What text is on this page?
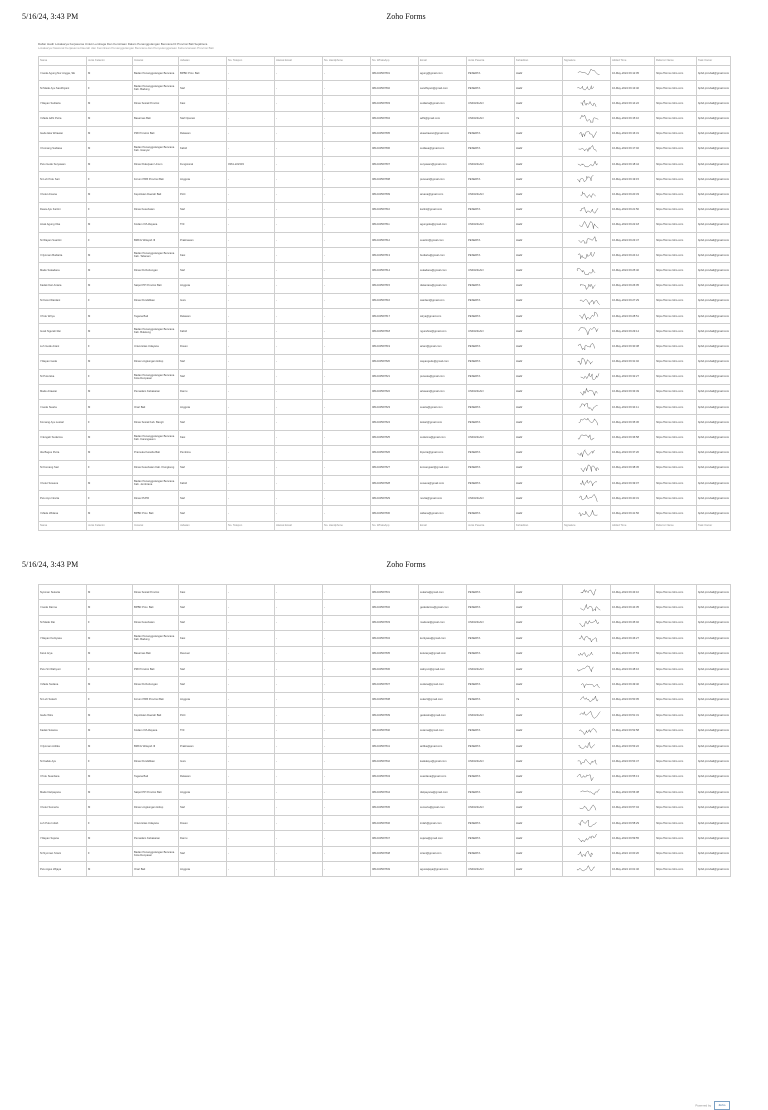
5/16/24, 3:43 PM	Zoho Forms
Daftar Hadir Lokakarya Kerjasama Untuk Lembaga Dan Kemitraan Dalam Penanggulangan Bencana Di Provinsi Bali Sejahtera
Lokakarya Nasional Kerjasama Daerah dan Kemitraan Penanggulangan Bencana dan Penyelenggaraan Kebencanaan Provinsi Bali
Nama	Jenis Kelamin	Instansi	Jabatan	No. Telepon	Alamat Email	No. Handphone	No. WhatsApp	Email	Jenis Peserta	Kehadiran	Signature	Added Time	Referrer Name	Task Owner
I Gede Agung Nur Angga, SE	M	Badan Penanggulangan Bencana	BPBD Prov. Bali	-	-	-	081234567801	agung@gmail.com	PESERTA	Hadir		16-May-2024 09:12:05	https://forms.zoho.com	bpbd.provbali@gmail.com
Ni Made Ayu Sandhiyani	F	Badan Penanggulangan Bencana Kab. Badung	Staf	-	-	-	081234567802	sandhiyani@gmail.com	PESERTA	Hadir		16-May-2024 09:13:40	https://forms.zoho.com	bpbd.provbali@gmail.com
I Wayan Sudiarta	M	Dinas Sosial Provinsi	Kasi	-	-	-	081234567803	sudiarta@gmail.com	UNDANGAN	Hadir		16-May-2024 09:14:22	https://forms.zoho.com	bpbd.provbali@gmail.com
I Made Adhi Putra	M	Basarnas Bali	Staf Operasi	-	-	-	081234567804	adhi@gmail.com	UNDANGAN	Ya		16-May-2024 09:15:10	https://forms.zoho.com	bpbd.provbali@gmail.com
Gede Eka Wirawan	M	PMI Provinsi Bali	Relawan	-	-	-	081234567805	ekawirawan@gmail.com	PESERTA	Hadir		16-May-2024 09:16:31	https://forms.zoho.com	bpbd.provbali@gmail.com
I Komang Sudiasa	M	Badan Penanggulangan Bencana Kab. Gianyar	Kabid	-	-	-	081234567806	sudiasa@gmail.com	PESERTA	Hadir		16-May-2024 09:17:02	https://forms.zoho.com	bpbd.provbali@gmail.com
Putu Gede Suryawan	M	Dinas Pekerjaan Umum	Fungsional	0361-222333	-	-	081234567807	suryawan@gmail.com	UNDANGAN	Hadir		16-May-2024 09:18:44	https://forms.zoho.com	bpbd.provbali@gmail.com
Ni Luh Putu Sari	F	Forum PRB Provinsi Bali	Anggota	-	-	-	081234567808	putusari@gmail.com	PESERTA	Hadir		16-May-2024 09:19:15	https://forms.zoho.com	bpbd.provbali@gmail.com
I Ketut Arsana	M	Kepolisian Daerah Bali	Polri	-	-	-	081234567809	arsana@gmail.com	UNDANGAN	Hadir		16-May-2024 09:20:33	https://forms.zoho.com	bpbd.provbali@gmail.com
Dewa Ayu Kartini	F	Dinas Kesehatan	Staf	-	-	-	081234567810	kartini@gmail.com	PESERTA	Hadir		16-May-2024 09:21:50	https://forms.zoho.com	bpbd.provbali@gmail.com
Anak Agung Oka	M	Kodam IX/Udayana	TNI	-	-	-	081234567811	agungoka@gmail.com	UNDANGAN	Hadir		16-May-2024 09:22:18	https://forms.zoho.com	bpbd.provbali@gmail.com
Ni Wayan Suartini	F	BMKG Wilayah III	Prakirawan	-	-	-	081234567812	suartini@gmail.com	PESERTA	Hadir		16-May-2024 09:23:47	https://forms.zoho.com	bpbd.provbali@gmail.com
I Nyoman Budiarta	M	Badan Penanggulangan Bencana Kab. Tabanan	Kasi	-	-	-	081234567813	budiarta@gmail.com	PESERTA	Hadir		16-May-2024 09:24:12	https://forms.zoho.com	bpbd.provbali@gmail.com
Made Sukadana	M	Dinas Perhubungan	Staf	-	-	-	081234567814	sukadana@gmail.com	UNDANGAN	Hadir		16-May-2024 09:25:40	https://forms.zoho.com	bpbd.provbali@gmail.com
Kadek Dwi Antara	M	Satpol PP Provinsi Bali	Anggota	-	-	-	081234567815	dwiantara@gmail.com	PESERTA	Hadir		16-May-2024 09:26:05	https://forms.zoho.com	bpbd.provbali@gmail.com
Ni Ketut Wardani	F	Dinas Pendidikan	Guru	-	-	-	081234567816	wardani@gmail.com	PESERTA	Hadir		16-May-2024 09:27:29	https://forms.zoho.com	bpbd.provbali@gmail.com
I Putu Wirya	M	Tagana Bali	Relawan	-	-	-	081234567817	wirya@gmail.com	PESERTA	Hadir		16-May-2024 09:28:51	https://forms.zoho.com	bpbd.provbali@gmail.com
Gusti Ngurah Rai	M	Badan Penanggulangan Bencana Kab. Buleleng	Kabid	-	-	-	081234567818	ngurahrai@gmail.com	UNDANGAN	Hadir		16-May-2024 09:29:14	https://forms.zoho.com	bpbd.provbali@gmail.com
Luh Gede Ariani	F	Universitas Udayana	Dosen	-	-	-	081234567819	ariani@gmail.com	PESERTA	Hadir		16-May-2024 09:30:38	https://forms.zoho.com	bpbd.provbali@gmail.com
I Wayan Gede	M	Dinas Lingkungan Hidup	Staf	-	-	-	081234567820	wayangede@gmail.com	PESERTA	Hadir		16-May-2024 09:31:02	https://forms.zoho.com	bpbd.provbali@gmail.com
Ni Putu Eka	F	Badan Penanggulangan Bencana Kota Denpasar	Staf	-	-	-	081234567821	putueka@gmail.com	PESERTA	Hadir		16-May-2024 09:32:27	https://forms.zoho.com	bpbd.provbali@gmail.com
Made Artawan	M	Pemadam Kebakaran	Danru	-	-	-	081234567822	artawan@gmail.com	UNDANGAN	Hadir		16-May-2024 09:33:49	https://forms.zoho.com	bpbd.provbali@gmail.com
I Gede Suarta	M	Orari Bali	Anggota	-	-	-	081234567823	suarta@gmail.com	PESERTA	Hadir		16-May-2024 09:34:11	https://forms.zoho.com	bpbd.provbali@gmail.com
Komang Ayu Lestari	F	Dinas Sosial Kab. Bangli	Staf	-	-	-	081234567824	lestari@gmail.com	PESERTA	Hadir		16-May-2024 09:35:36	https://forms.zoho.com	bpbd.provbali@gmail.com
I Nengah Sudarma	M	Badan Penanggulangan Bencana Kab. Karangasem	Kasi	-	-	-	081234567825	sudarma@gmail.com	UNDANGAN	Hadir		16-May-2024 09:36:58	https://forms.zoho.com	bpbd.provbali@gmail.com
Ida Bagus Putra	M	Pramuka Kwarda Bali	Pembina	-	-	-	081234567826	ibputra@gmail.com	PESERTA	Hadir		16-May-2024 09:37:20	https://forms.zoho.com	bpbd.provbali@gmail.com
Ni Komang Sari	F	Dinas Kesehatan Kab. Klungkung	Staf	-	-	-	081234567827	komangsari@gmail.com	PESERTA	Hadir		16-May-2024 09:38:45	https://forms.zoho.com	bpbd.provbali@gmail.com
I Ketut Suweca	M	Badan Penanggulangan Bencana Kab. Jembrana	Kabid	-	-	-	081234567828	suweca@gmail.com	PESERTA	Hadir		16-May-2024 09:39:07	https://forms.zoho.com	bpbd.provbali@gmail.com
Putu Ayu Novita	F	Dinas PUPR	Staf	-	-	-	081234567829	novita@gmail.com	UNDANGAN	Hadir		16-May-2024 09:40:31	https://forms.zoho.com	bpbd.provbali@gmail.com
I Made Widana	M	BPBD Prov. Bali	Staf	-	-	-	081234567830	widana@gmail.com	PESERTA	Hadir		16-May-2024 09:41:56	https://forms.zoho.com	bpbd.provbali@gmail.com
Nama	Jenis Kelamin	Instansi	Jabatan	No. Telepon	Alamat Email	No. Handphone	No. WhatsApp	Email	Jenis Peserta	Kehadiran	Signature	Added Time	Referrer Name	Task Owner
5/16/24, 3:43 PM	Zoho Forms
Nyoman Sukarta	M	Dinas Sosial Provinsi	Kasi	-	-	-	081234567831	sukarta@gmail.com	PESERTA	Hadir		16-May-2024 09:43:10	https://forms.zoho.com	bpbd.provbali@gmail.com
I Gede Darma	M	BPBD Prov. Bali	Staf	-	-	-	081234567832	gededarma@gmail.com	PESERTA	Hadir		16-May-2024 09:44:35	https://forms.zoho.com	bpbd.provbali@gmail.com
Ni Made Rai	F	Dinas Kesehatan	Staf	-	-	-	081234567833	maderai@gmail.com	UNDANGAN	Hadir		16-May-2024 09:45:02	https://forms.zoho.com	bpbd.provbali@gmail.com
I Wayan Kertiyasa	M	Badan Penanggulangan Bencana Kab. Badung	Kasi	-	-	-	081234567834	kertiyasa@gmail.com	PESERTA	Hadir		16-May-2024 09:46:27	https://forms.zoho.com	bpbd.provbali@gmail.com
Ketut Arya	M	Basarnas Bali	Rescuer	-	-	-	081234567835	ketutarya@gmail.com	PESERTA	Hadir		16-May-2024 09:47:53	https://forms.zoho.com	bpbd.provbali@gmail.com
Putu Sri Wahyuni	F	PMI Provinsi Bali	Staf	-	-	-	081234567836	wahyuni@gmail.com	UNDANGAN	Hadir		16-May-2024 09:48:16	https://forms.zoho.com	bpbd.provbali@gmail.com
I Made Sudana	M	Dinas Perhubungan	Staf	-	-	-	081234567837	sudana@gmail.com	PESERTA	Hadir		16-May-2024 09:49:40	https://forms.zoho.com	bpbd.provbali@gmail.com
Ni Luh Sukerti	F	Forum PRB Provinsi Bali	Anggota	-	-	-	081234567838	sukerti@gmail.com	PESERTA	Ya		16-May-2024 09:50:05	https://forms.zoho.com	bpbd.provbali@gmail.com
Gede Wira	M	Kepolisian Daerah Bali	Polri	-	-	-	081234567839	gedewira@gmail.com	UNDANGAN	Hadir		16-May-2024 09:51:31	https://forms.zoho.com	bpbd.provbali@gmail.com
Kadek Sutama	M	Kodam IX/Udayana	TNI	-	-	-	081234567840	sutama@gmail.com	PESERTA	Hadir		16-May-2024 09:52:58	https://forms.zoho.com	bpbd.provbali@gmail.com
I Nyoman Ardika	M	BMKG Wilayah III	Prakirawan	-	-	-	081234567841	ardika@gmail.com	PESERTA	Hadir		16-May-2024 09:53:22	https://forms.zoho.com	bpbd.provbali@gmail.com
Ni Kadek Ayu	F	Dinas Pendidikan	Guru	-	-	-	081234567842	kadekayu@gmail.com	UNDANGAN	Hadir		16-May-2024 09:54:47	https://forms.zoho.com	bpbd.provbali@gmail.com
I Putu Suardana	M	Tagana Bali	Relawan	-	-	-	081234567843	suardana@gmail.com	PESERTA	Hadir		16-May-2024 09:55:13	https://forms.zoho.com	bpbd.provbali@gmail.com
Made Dwipayana	M	Satpol PP Provinsi Bali	Anggota	-	-	-	081234567844	dwipayana@gmail.com	PESERTA	Hadir		16-May-2024 09:56:38	https://forms.zoho.com	bpbd.provbali@gmail.com
I Ketut Sumerta	M	Dinas Lingkungan Hidup	Staf	-	-	-	081234567845	sumerta@gmail.com	UNDANGAN	Hadir		16-May-2024 09:57:04	https://forms.zoho.com	bpbd.provbali@gmail.com
Luh Putu Indah	F	Universitas Udayana	Dosen	-	-	-	081234567846	indah@gmail.com	PESERTA	Hadir		16-May-2024 09:58:29	https://forms.zoho.com	bpbd.provbali@gmail.com
I Wayan Sujana	M	Pemadam Kebakaran	Danru	-	-	-	081234567847	sujana@gmail.com	PESERTA	Hadir		16-May-2024 09:59:55	https://forms.zoho.com	bpbd.provbali@gmail.com
Ni Nyoman Sriani	F	Badan Penanggulangan Bencana Kota Denpasar	Staf	-	-	-	081234567848	sriani@gmail.com	PESERTA	Hadir		16-May-2024 10:00:20	https://forms.zoho.com	bpbd.provbali@gmail.com
Putu Agus Wijaya	M	Orari Bali	Anggota	-	-	-	081234567849	aguswijaya@gmail.com	UNDANGAN	Hadir		16-May-2024 10:01:46	https://forms.zoho.com	bpbd.provbali@gmail.com
Powered by Zoho
